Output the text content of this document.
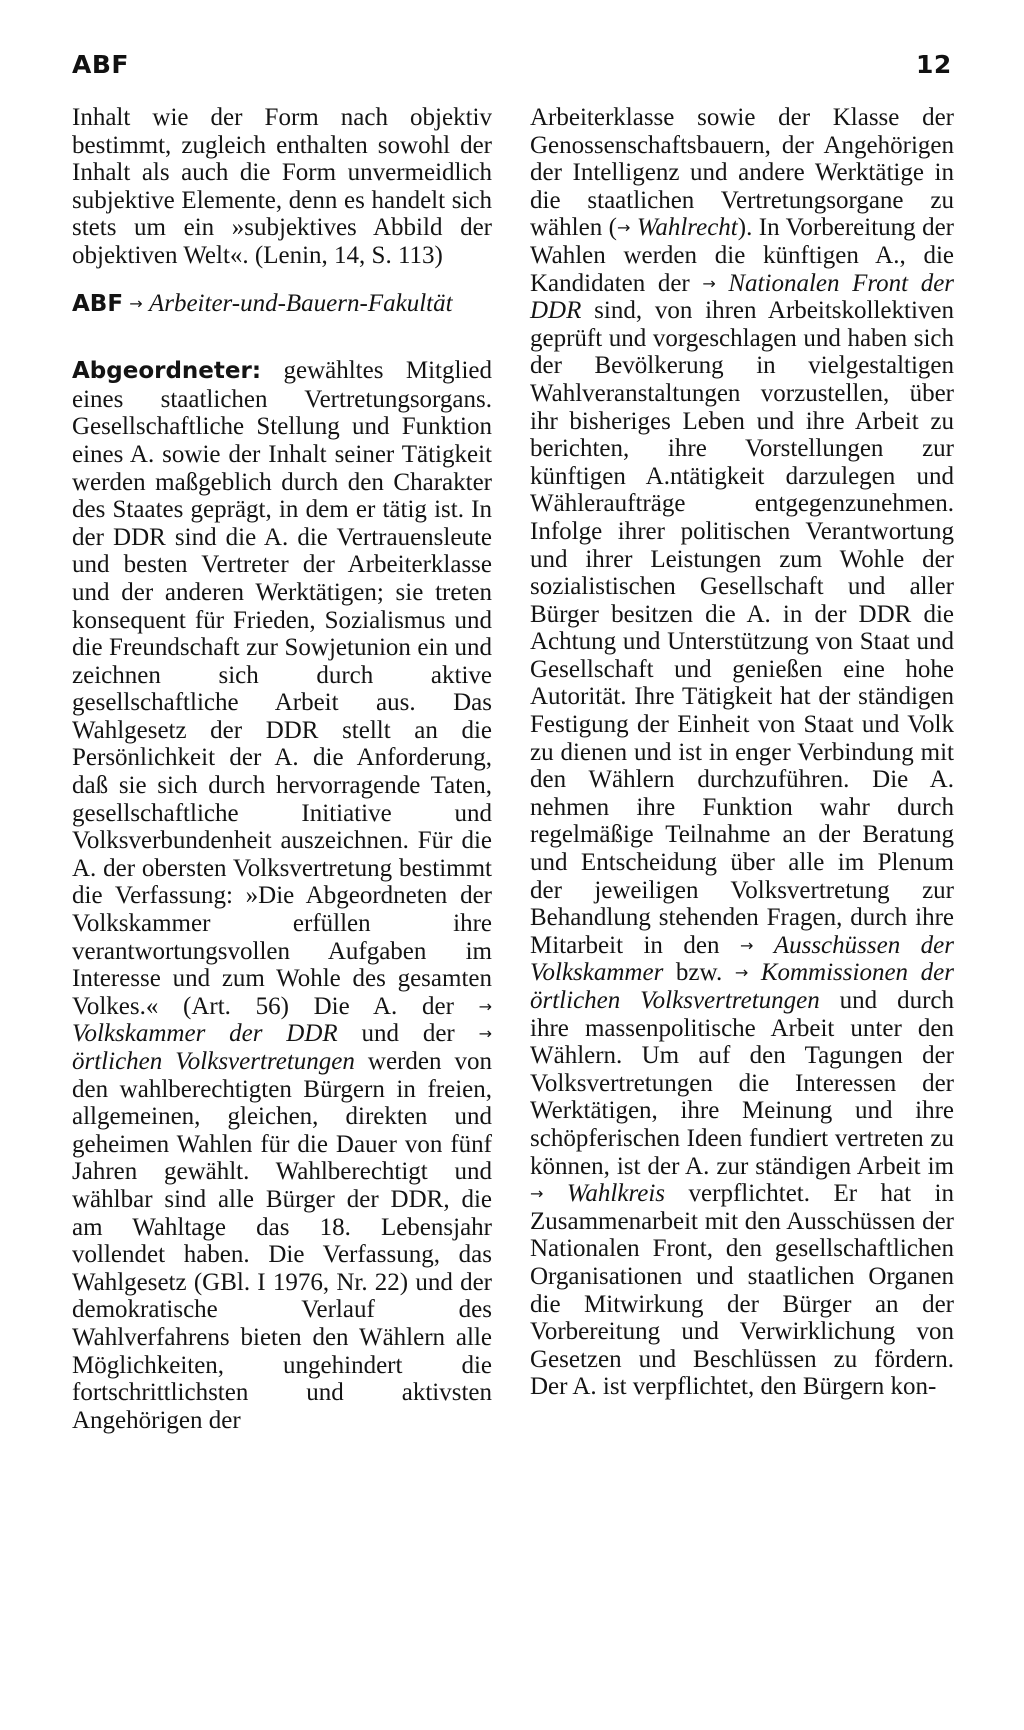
ABF	12

Inhalt wie der Form nach objektiv bestimmt, zugleich enthalten sowohl der Inhalt als auch die Form unvermeidlich subjektive Elemente, denn es handelt sich stets um ein »subjektives Abbild der objektiven Welt«. (Lenin, 14, S. 113)

ABF → Arbeiter-und-Bauern-Fakultät

Abgeordneter: gewähltes Mitglied eines staatlichen Vertretungsorgans. Gesellschaftliche Stellung und Funktion eines A. sowie der Inhalt seiner Tätigkeit werden maßgeblich durch den Charakter des Staates geprägt, in dem er tätig ist. In der DDR sind die A. die Vertrauensleute und besten Vertreter der Arbeiterklasse und der anderen Werktätigen; sie treten konsequent für Frieden, Sozialismus und die Freundschaft zur Sowjetunion ein und zeichnen sich durch aktive gesellschaftliche Arbeit aus. Das Wahlgesetz der DDR stellt an die Persönlichkeit der A. die Anforderung, daß sie sich durch hervorragende Taten, gesellschaftliche Initiative und Volksverbundenheit auszeichnen. Für die A. der obersten Volksvertretung bestimmt die Verfassung: »Die Abgeordneten der Volkskammer erfüllen ihre verantwortungsvollen Aufgaben im Interesse und zum Wohle des gesamten Volkes.« (Art. 56) Die A. der → Volkskammer der DDR und der → örtlichen Volksvertretungen werden von den wahlberechtigten Bürgern in freien, allgemeinen, gleichen, direkten und geheimen Wahlen für die Dauer von fünf Jahren gewählt. Wahlberechtigt und wählbar sind alle Bürger der DDR, die am Wahltage das 18. Lebensjahr vollendet haben. Die Verfassung, das Wahlgesetz (GBl. I 1976, Nr. 22) und der demokratische Verlauf des Wahlverfahrens bieten den Wählern alle Möglichkeiten, ungehindert die fortschrittlichsten und aktivsten Angehörigen der

Arbeiterklasse sowie der Klasse der Genossenschaftsbauern, der Angehörigen der Intelligenz und andere Werktätige in die staatlichen Vertretungsorgane zu wählen (→ Wahlrecht). In Vorbereitung der Wahlen werden die künftigen A., die Kandidaten der → Nationalen Front der DDR sind, von ihren Arbeitskollektiven geprüft und vorgeschlagen und haben sich der Bevölkerung in vielgestaltigen Wahlveranstaltungen vorzustellen, über ihr bisheriges Leben und ihre Arbeit zu berichten, ihre Vorstellungen zur künftigen A.ntätigkeit darzulegen und Wähleraufträge entgegenzunehmen. Infolge ihrer politischen Verantwortung und ihrer Leistungen zum Wohle der sozialistischen Gesellschaft und aller Bürger besitzen die A. in der DDR die Achtung und Unterstützung von Staat und Gesellschaft und genießen eine hohe Autorität. Ihre Tätigkeit hat der ständigen Festigung der Einheit von Staat und Volk zu dienen und ist in enger Verbindung mit den Wählern durchzuführen. Die A. nehmen ihre Funktion wahr durch regelmäßige Teilnahme an der Beratung und Entscheidung über alle im Plenum der jeweiligen Volksvertretung zur Behandlung stehenden Fragen, durch ihre Mitarbeit in den → Ausschüssen der Volkskammer bzw. → Kommissionen der örtlichen Volksvertretungen und durch ihre massenpolitische Arbeit unter den Wählern. Um auf den Tagungen der Volksvertretungen die Interessen der Werktätigen, ihre Meinung und ihre schöpferischen Ideen fundiert vertreten zu können, ist der A. zur ständigen Arbeit im → Wahlkreis verpflichtet. Er hat in Zusammenarbeit mit den Ausschüssen der Nationalen Front, den gesellschaftlichen Organisationen und staatlichen Organen die Mitwirkung der Bürger an der Vorbereitung und Verwirklichung von Gesetzen und Beschlüssen zu fördern. Der A. ist verpflichtet, den Bürgern kon-
